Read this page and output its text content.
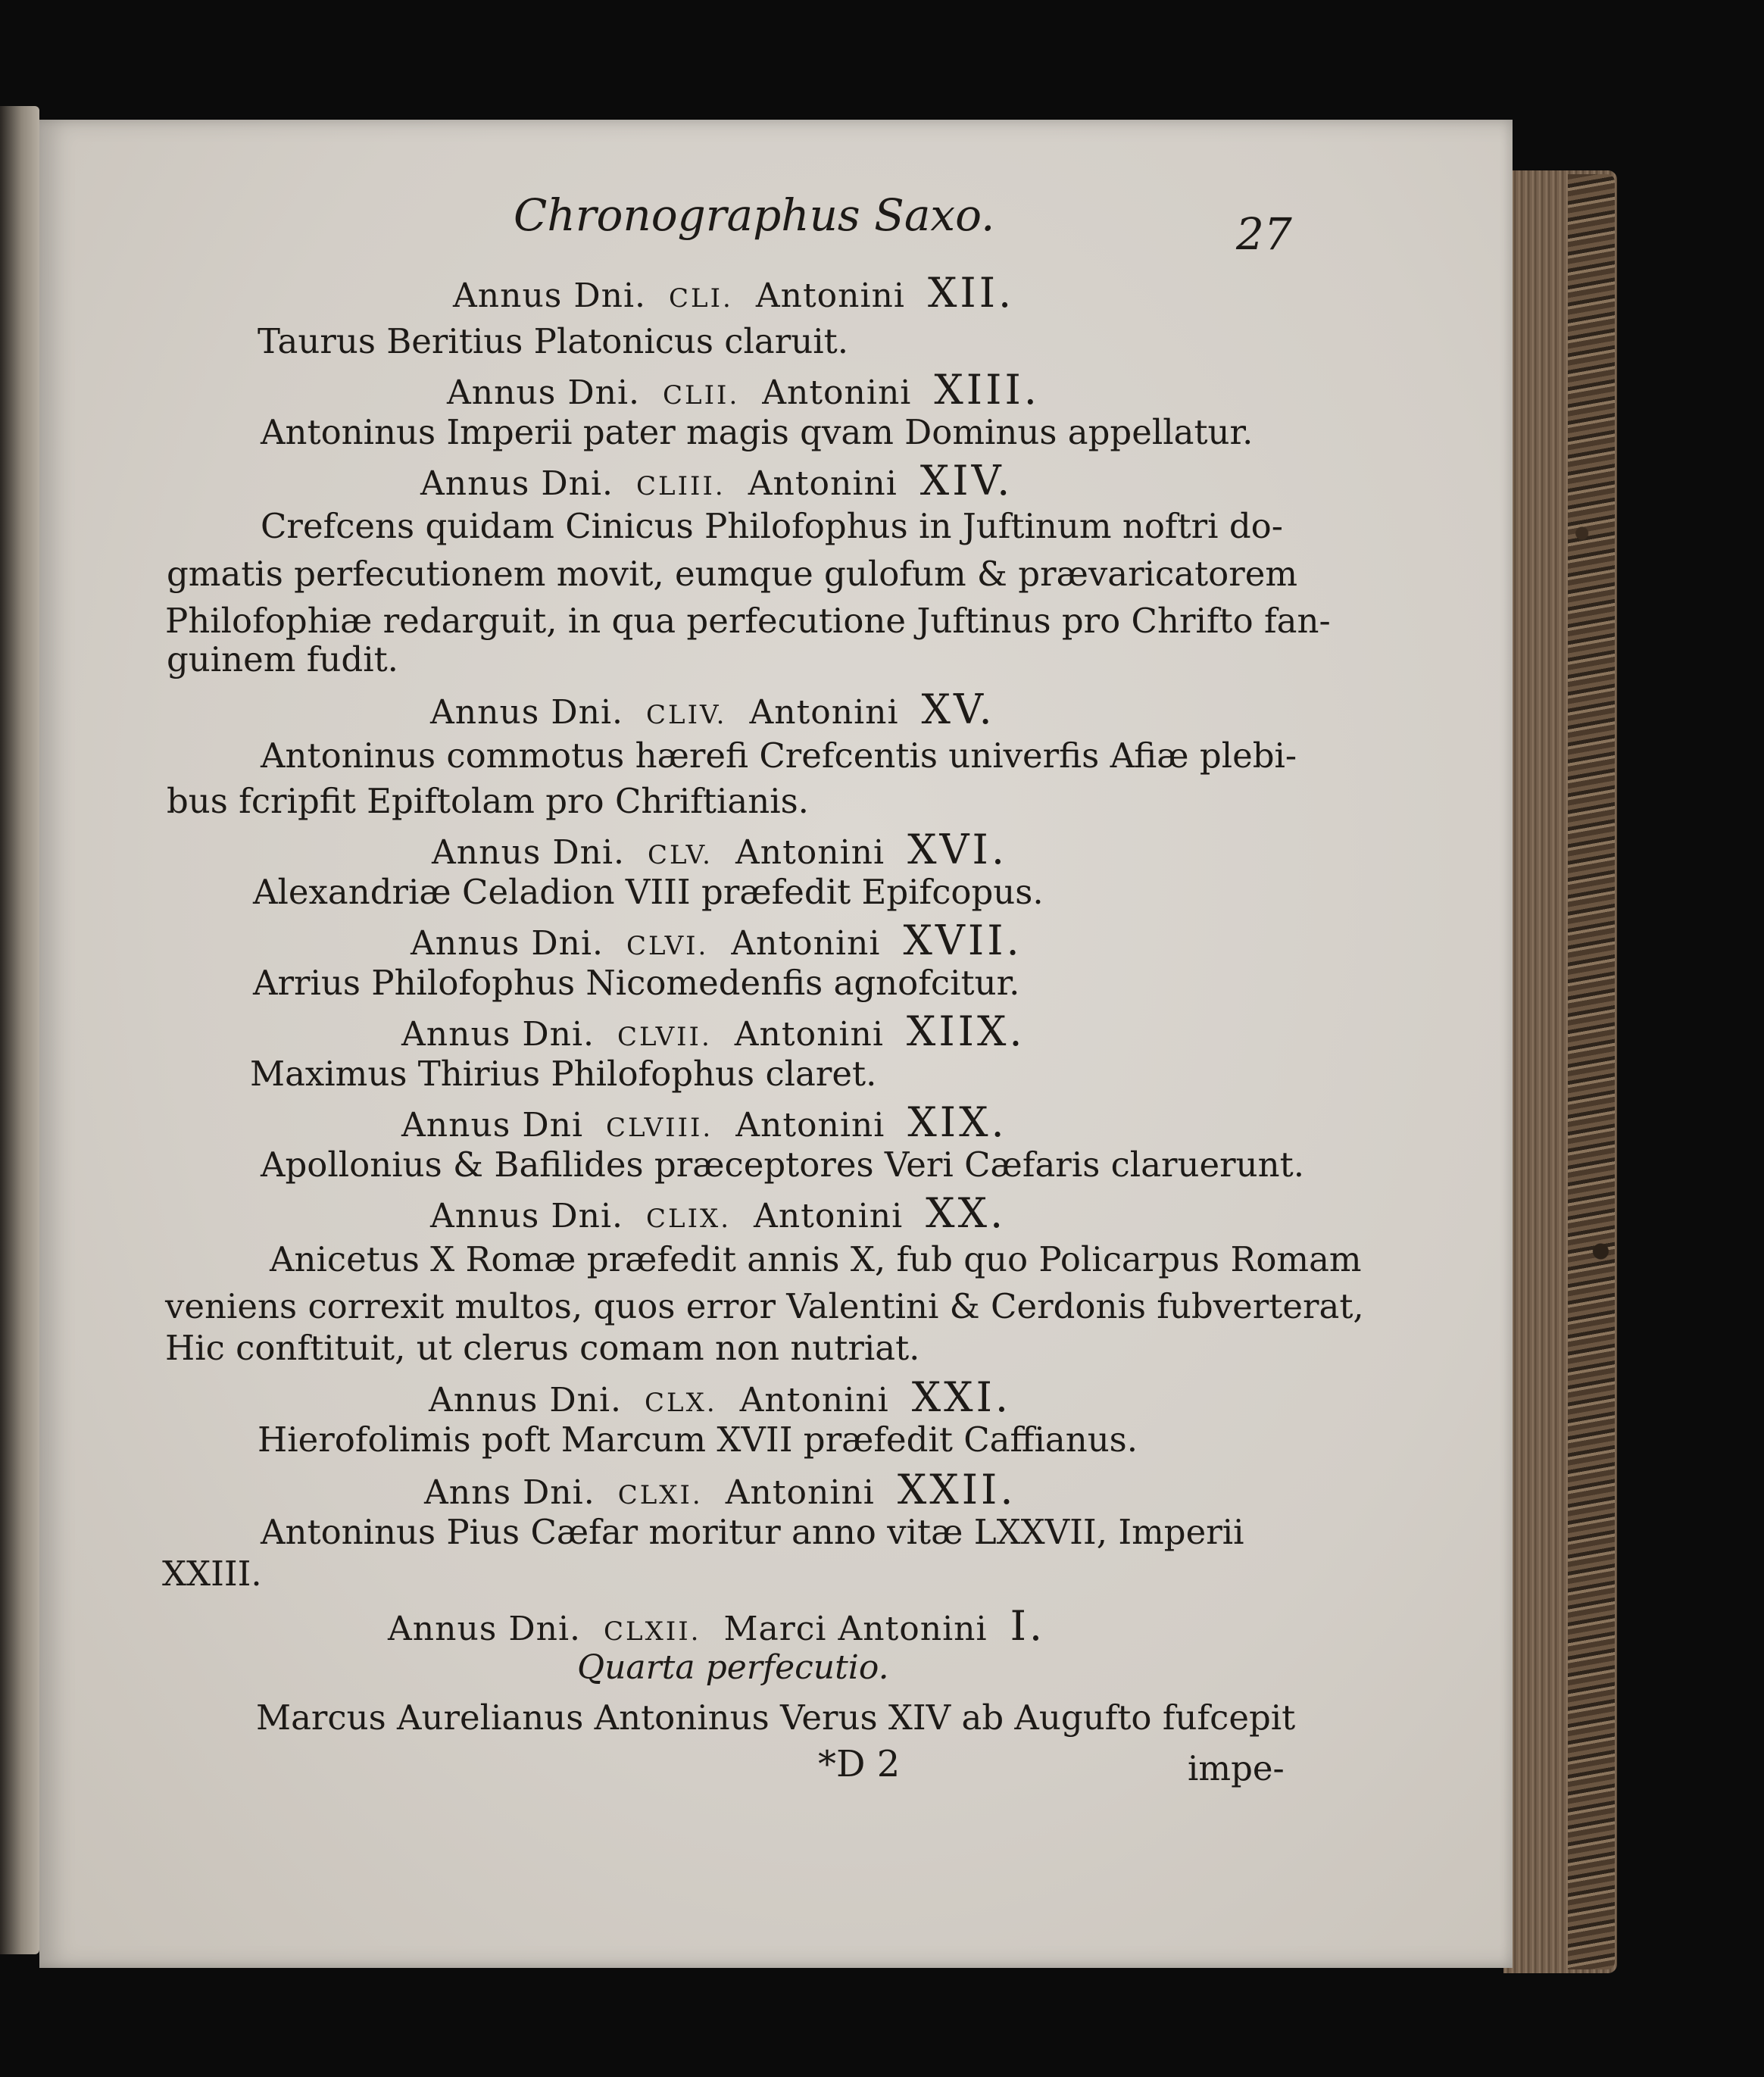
Chronographus Saxo.	27
Annus Dni. CLI. Antonini XII.
Taurus Beritius Platonicus claruit.
Annus Dni. CLII. Antonini XIII.
Antoninus Imperii pater magis qvam Dominus appellatur.
Annus Dni. CLIII. Antonini XIV.
Crefcens quidam Cinicus Philofophus in Juftinum noftri do-
gmatis perfecutionem movit, eumque gulofum & prævaricatorem
Philofophiæ redarguit, in qua perfecutione Juftinus pro Chrifto fan-
guinem fudit.
Annus Dni. CLIV. Antonini XV.
Antoninus commotus hærefi Crefcentis univerfis Afiæ plebi-
bus fcripfit Epiftolam pro Chriftianis.
Annus Dni. CLV. Antonini XVI.
Alexandriæ Celadion VIII præfedit Epifcopus.
Annus Dni. CLVI. Antonini XVII.
Arrius Philofophus Nicomedenfis agnofcitur.
Annus Dni. CLVII. Antonini XIIX.
Maximus Thirius Philofophus claret.
Annus Dni CLVIII. Antonini XIX.
Apollonius & Bafilides præceptores Veri Cæfaris claruerunt.
Annus Dni. CLIX. Antonini XX.
Anicetus X Romæ præfedit annis X, fub quo Policarpus Romam
veniens correxit multos, quos error Valentini & Cerdonis fubverterat,
Hic conftituit, ut clerus comam non nutriat.
Annus Dni. CLX. Antonini XXI.
Hierofolimis poft Marcum XVII præfedit Caffianus.
Anns Dni. CLXI. Antonini XXII.
Antoninus Pius Cæfar moritur anno vitæ LXXVII, Imperii
XXIII.
Annus Dni. CLXII. Marci Antonini I.
Quarta perfecutio.
Marcus Aurelianus Antoninus Verus XIV ab Augufto fufcepit
*D 2	impe-
